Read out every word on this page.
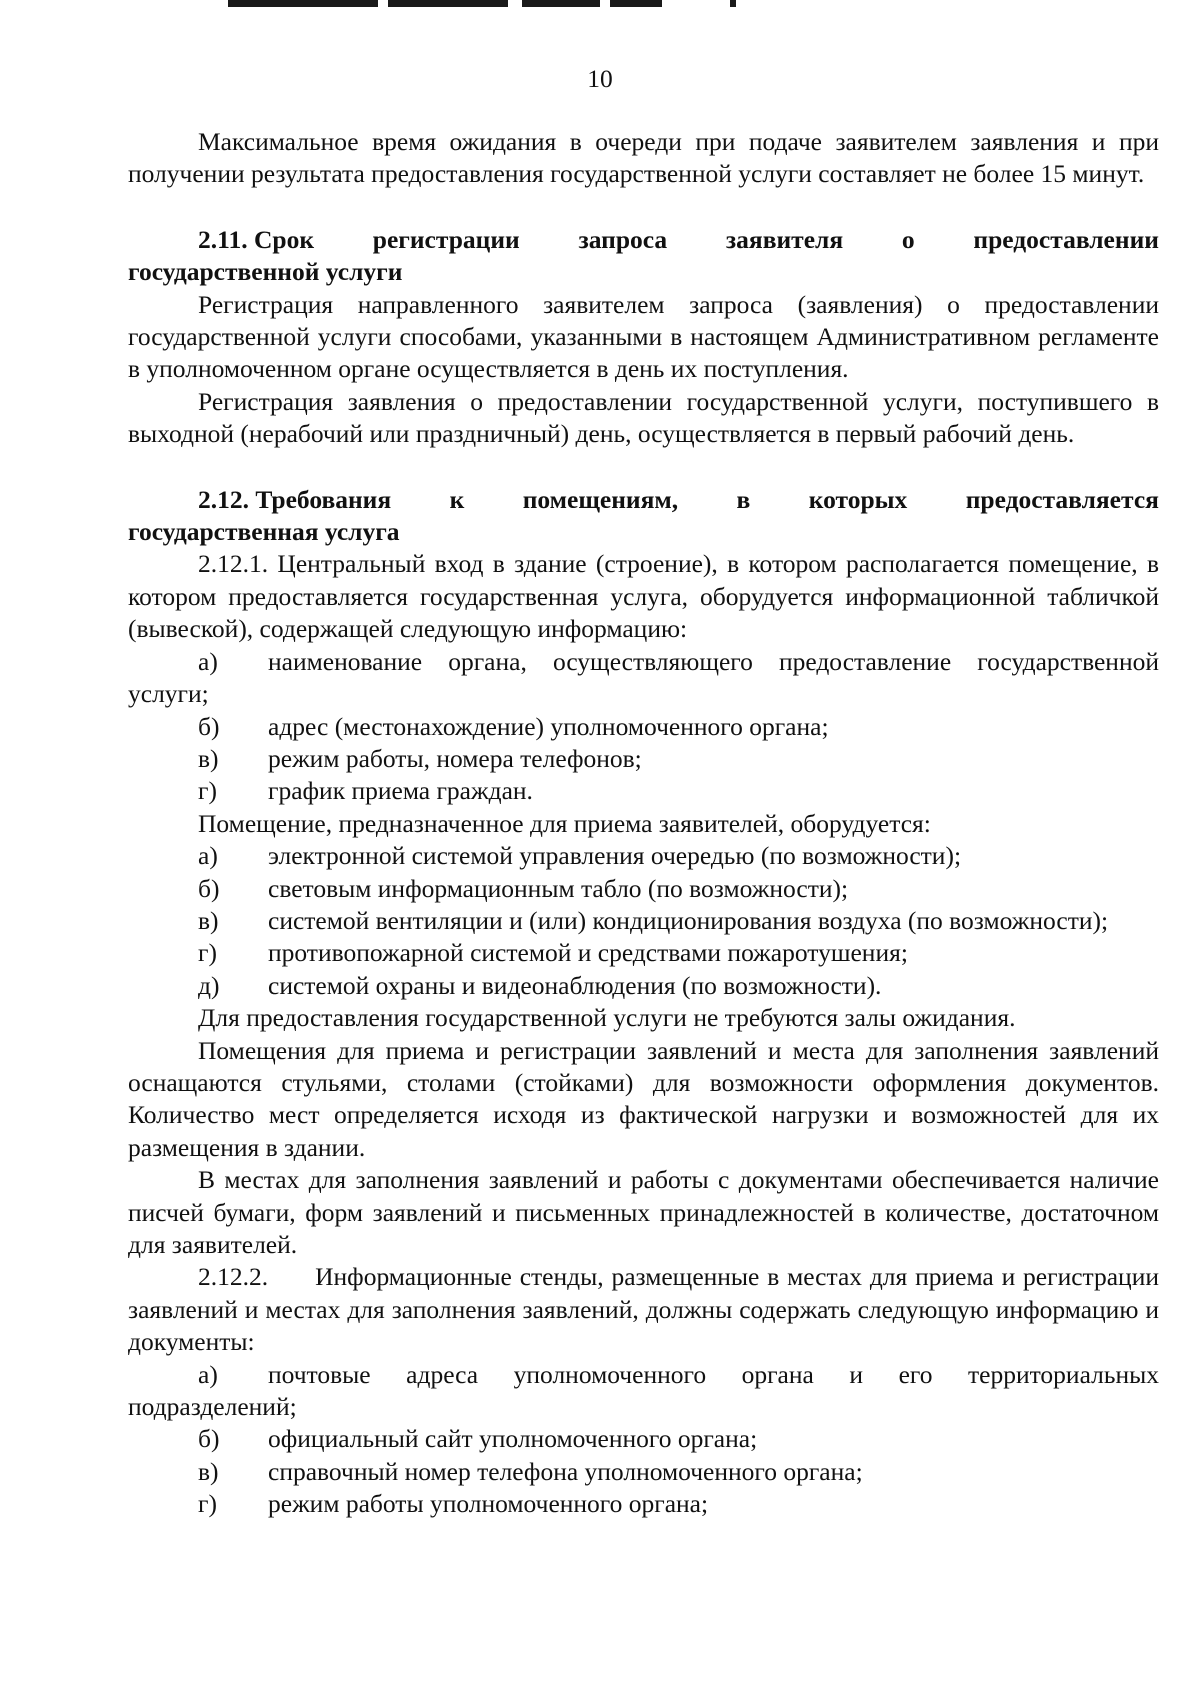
10

Максимальное время ожидания в очереди при подаче заявителем заявления и при получении результата предоставления государственной услуги составляет не более 15 минут.

2.11. Срок регистрации запроса заявителя о предоставлении
государственной услуги

Регистрация направленного заявителем запроса (заявления) о предоставлении государственной услуги способами, указанными в настоящем Административном регламенте в уполномоченном органе осуществляется в день их поступления.

Регистрация заявления о предоставлении государственной услуги, поступившего в выходной (нерабочий или праздничный) день, осуществляется в первый рабочий день.

2.12. Требования к помещениям, в которых предоставляется
государственная услуга

2.12.1. Центральный вход в здание (строение), в котором располагается помещение, в котором предоставляется государственная услуга, оборудуется информационной табличкой (вывеской), содержащей следующую информацию:

а) наименование органа, осуществляющего предоставление государственной услуги;

б) адрес (местонахождение) уполномоченного органа;

в) режим работы, номера телефонов;

г) график приема граждан.

Помещение, предназначенное для приема заявителей, оборудуется:

а) электронной системой управления очередью (по возможности);

б) световым информационным табло (по возможности);

в) системой вентиляции и (или) кондиционирования воздуха (по возможности);

г) противопожарной системой и средствами пожаротушения;

д) системой охраны и видеонаблюдения (по возможности).

Для предоставления государственной услуги не требуются залы ожидания.

Помещения для приема и регистрации заявлений и места для заполнения заявлений оснащаются стульями, столами (стойками) для возможности оформления документов. Количество мест определяется исходя из фактической нагрузки и возможностей для их размещения в здании.

В местах для заполнения заявлений и работы с документами обеспечивается наличие писчей бумаги, форм заявлений и письменных принадлежностей в количестве, достаточном для заявителей.

2.12.2.      Информационные стенды, размещенные в местах для приема и регистрации заявлений и местах для заполнения заявлений, должны содержать следующую информацию и документы:

а) почтовые адреса уполномоченного органа и его территориальных подразделений;

б) официальный сайт уполномоченного органа;

в) справочный номер телефона уполномоченного органа;

г) режим работы уполномоченного органа;
